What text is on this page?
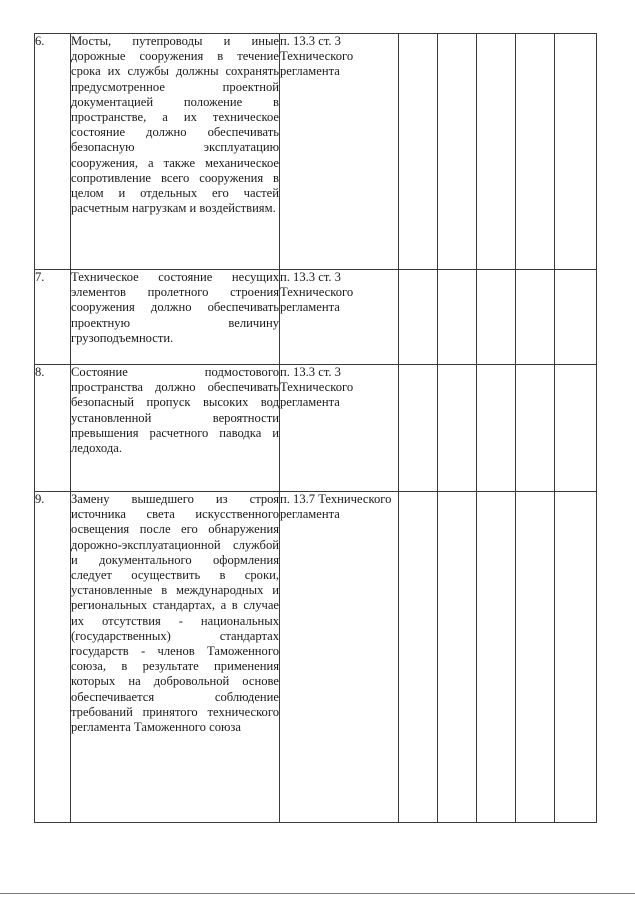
6.	Мосты, путепроводы и иные дорожные сооружения в течение срока их службы должны сохранять предусмотренное проектной документацией положение в пространстве, а их техническое состояние должно обеспечивать безопасную эксплуатацию сооружения, а также механическое сопротивление всего сооружения в целом и отдельных его частей расчетным нагрузкам и воздействиям.	п. 13.3 ст. 3 Технического регламента					
7.	Техническое состояние несущих элементов пролетного строения сооружения должно обеспечивать проектную величину грузоподъемности.	п. 13.3 ст. 3 Технического регламента					
8.	Состояние подмостового пространства должно обеспечивать безопасный пропуск высоких вод установленной вероятности превышения расчетного паводка и ледохода.	п. 13.3 ст. 3 Технического регламента					
9.	Замену вышедшего из строя источника света искусственного освещения после его обнаружения дорожно-эксплуатационной службой и документального оформления следует осуществить в сроки, установленные в международных и региональных стандартах, а в случае их отсутствия - национальных (государственных) стандартах государств - членов Таможенного союза, в результате применения которых на добровольной основе обеспечивается соблюдение требований принятого технического регламента Таможенного союза	п. 13.7 Технического регламента					
